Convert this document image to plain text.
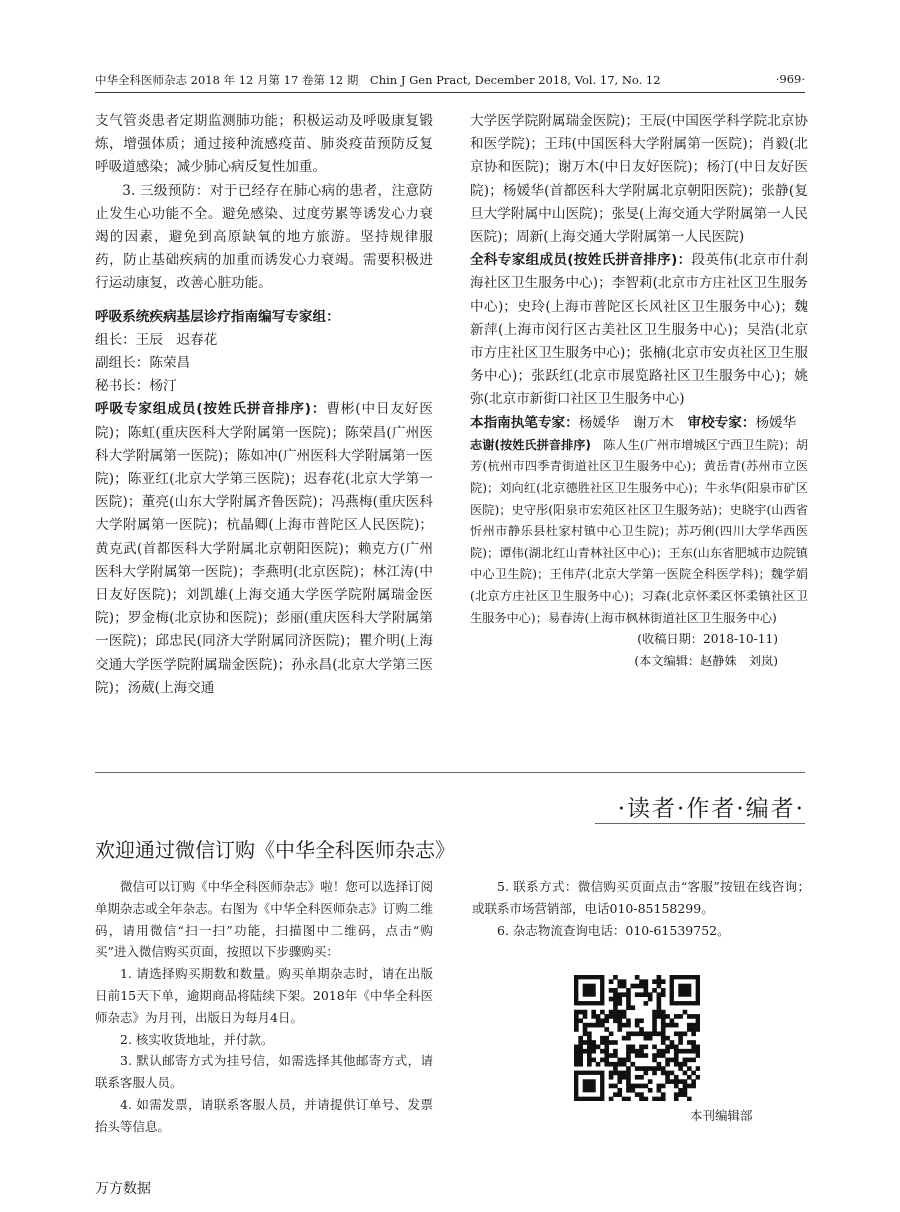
中华全科医师杂志 2018 年 12 月第 17 卷第 12 期　Chin J Gen Pract, December 2018, Vol. 17, No. 12	·969·

支气管炎患者定期监测肺功能；积极运动及呼吸康复锻炼，增强体质；通过接种流感疫苗、肺炎疫苗预防反复呼吸道感染；减少肺心病反复性加重。

3. 三级预防：对于已经存在肺心病的患者，注意防止发生心功能不全。避免感染、过度劳累等诱发心力衰竭的因素，避免到高原缺氧的地方旅游。坚持规律服药，防止基础疾病的加重而诱发心力衰竭。需要积极进行运动康复，改善心脏功能。

呼吸系统疾病基层诊疗指南编写专家组：

组长：王辰　迟春花

副组长：陈荣昌

秘书长：杨汀

呼吸专家组成员(按姓氏拼音排序)：曹彬(中日友好医院)；陈虹(重庆医科大学附属第一医院)；陈荣昌(广州医科大学附属第一医院)；陈如冲(广州医科大学附属第一医院)；陈亚红(北京大学第三医院)；迟春花(北京大学第一医院)；董亮(山东大学附属齐鲁医院)；冯燕梅(重庆医科大学附属第一医院)；杭晶卿(上海市普陀区人民医院)；黄克武(首都医科大学附属北京朝阳医院)；赖克方(广州医科大学附属第一医院)；李燕明(北京医院)；林江涛(中日友好医院)；刘凯雄(上海交通大学医学院附属瑞金医院)；罗金梅(北京协和医院)；彭丽(重庆医科大学附属第一医院)；邱忠民(同济大学附属同济医院)；瞿介明(上海交通大学医学院附属瑞金医院)；孙永昌(北京大学第三医院)；汤葳(上海交通

大学医学院附属瑞金医院)；王辰(中国医学科学院北京协和医学院)；王玮(中国医科大学附属第一医院)；肖毅(北京协和医院)；谢万木(中日友好医院)；杨汀(中日友好医院)；杨媛华(首都医科大学附属北京朝阳医院)；张静(复旦大学附属中山医院)；张旻(上海交通大学附属第一人民医院)；周新(上海交通大学附属第一人民医院)

全科专家组成员(按姓氏拼音排序)：段英伟(北京市什刹海社区卫生服务中心)；李智莉(北京市方庄社区卫生服务中心)；史玲(上海市普陀区长风社区卫生服务中心)；魏新萍(上海市闵行区古美社区卫生服务中心)；吴浩(北京市方庄社区卫生服务中心)；张楠(北京市安贞社区卫生服务中心)；张跃红(北京市展览路社区卫生服务中心)；姚弥(北京市新街口社区卫生服务中心)

本指南执笔专家：杨媛华　谢万木　审校专家：杨媛华

志谢(按姓氏拼音排序)　陈人生(广州市增城区宁西卫生院)；胡芳(杭州市四季青街道社区卫生服务中心)；黄岳青(苏州市立医院)；刘向红(北京德胜社区卫生服务中心)；牛永华(阳泉市矿区医院)；史守彤(阳泉市宏苑区社区卫生服务站)；史晓宇(山西省忻州市静乐县杜家村镇中心卫生院)；苏巧俐(四川大学华西医院)；谭伟(湖北红山青林社区中心)；王东(山东省肥城市边院镇中心卫生院)；王伟芹(北京大学第一医院全科医学科)；魏学娟(北京方庄社区卫生服务中心)；习森(北京怀柔区怀柔镇社区卫生服务中心)；易春涛(上海市枫林街道社区卫生服务中心)

(收稿日期：2018-10-11)

(本文编辑：赵静姝　刘岚)

·读者·作者·编者·
欢迎通过微信订购《中华全科医师杂志》

微信可以订购《中华全科医师杂志》啦！您可以选择订阅单期杂志或全年杂志。右图为《中华全科医师杂志》订购二维码，请用微信“扫一扫”功能，扫描图中二维码，点击“购买”进入微信购买页面，按照以下步骤购买：

1. 请选择购买期数和数量。购买单期杂志时，请在出版日前15天下单，逾期商品将陆续下架。2018年《中华全科医师杂志》为月刊，出版日为每月4日。

2. 核实收货地址，并付款。

3. 默认邮寄方式为挂号信，如需选择其他邮寄方式，请联系客服人员。

4. 如需发票，请联系客服人员，并请提供订单号、发票抬头等信息。

5. 联系方式：微信购买页面点击“客服”按钮在线咨询；或联系市场营销部，电话010-85158299。

6. 杂志物流查询电话：010-61539752。

本刊编辑部
万方数据
